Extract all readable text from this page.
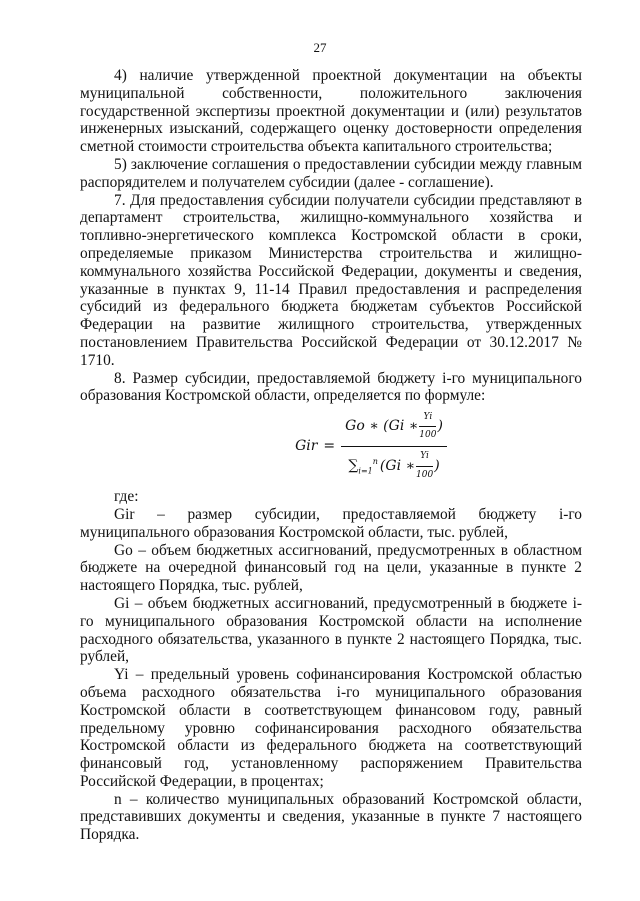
27

4) наличие утвержденной проектной документации на объекты муниципальной собственности, положительного заключения государственной экспертизы проектной документации и (или) результатов инженерных изысканий, содержащего оценку достоверности определения сметной стоимости строительства объекта капитального строительства;

5) заключение соглашения о предоставлении субсидии между главным распорядителем и получателем субсидии (далее - соглашение).

7. Для предоставления субсидии получатели субсидии представляют в департамент строительства, жилищно-коммунального хозяйства и топливно-энергетического комплекса Костромской области в сроки, определяемые приказом Министерства строительства и жилищно-коммунального хозяйства Российской Федерации, документы и сведения, указанные в пунктах 9, 11-14 Правил предоставления и распределения субсидий из федерального бюджета бюджетам субъектов Российской Федерации на развитие жилищного строительства, утвержденных постановлением Правительства Российской Федерации от 30.12.2017 № 1710.

8. Размер субсидии, предоставляемой бюджету i-го муниципального образования Костромской области, определяется по формуле:

Gir =
Go ∗ (Gi ∗ $\frac{Yi}{100}$ )
$\sum_{i=1}^n$ (Gi ∗ $\frac{Yi}{100}$ )

где:

Gir – размер субсидии, предоставляемой бюджету i-го муниципального образования Костромской области, тыс. рублей,

Go – объем бюджетных ассигнований, предусмотренных в областном бюджете на очередной финансовый год на цели, указанные в пункте 2 настоящего Порядка, тыс. рублей,

Gi – объем бюджетных ассигнований, предусмотренный в бюджете i-го муниципального образования Костромской области на исполнение расходного обязательства, указанного в пункте 2 настоящего Порядка, тыс. рублей,

Yi – предельный уровень софинансирования Костромской областью объема расходного обязательства i-го муниципального образования Костромской области в соответствующем финансовом году, равный предельному уровню софинансирования расходного обязательства Костромской области из федерального бюджета на соответствующий финансовый год, установленному распоряжением Правительства Российской Федерации, в процентах;

n – количество муниципальных образований Костромской области, представивших документы и сведения, указанные в пункте 7 настоящего Порядка.
